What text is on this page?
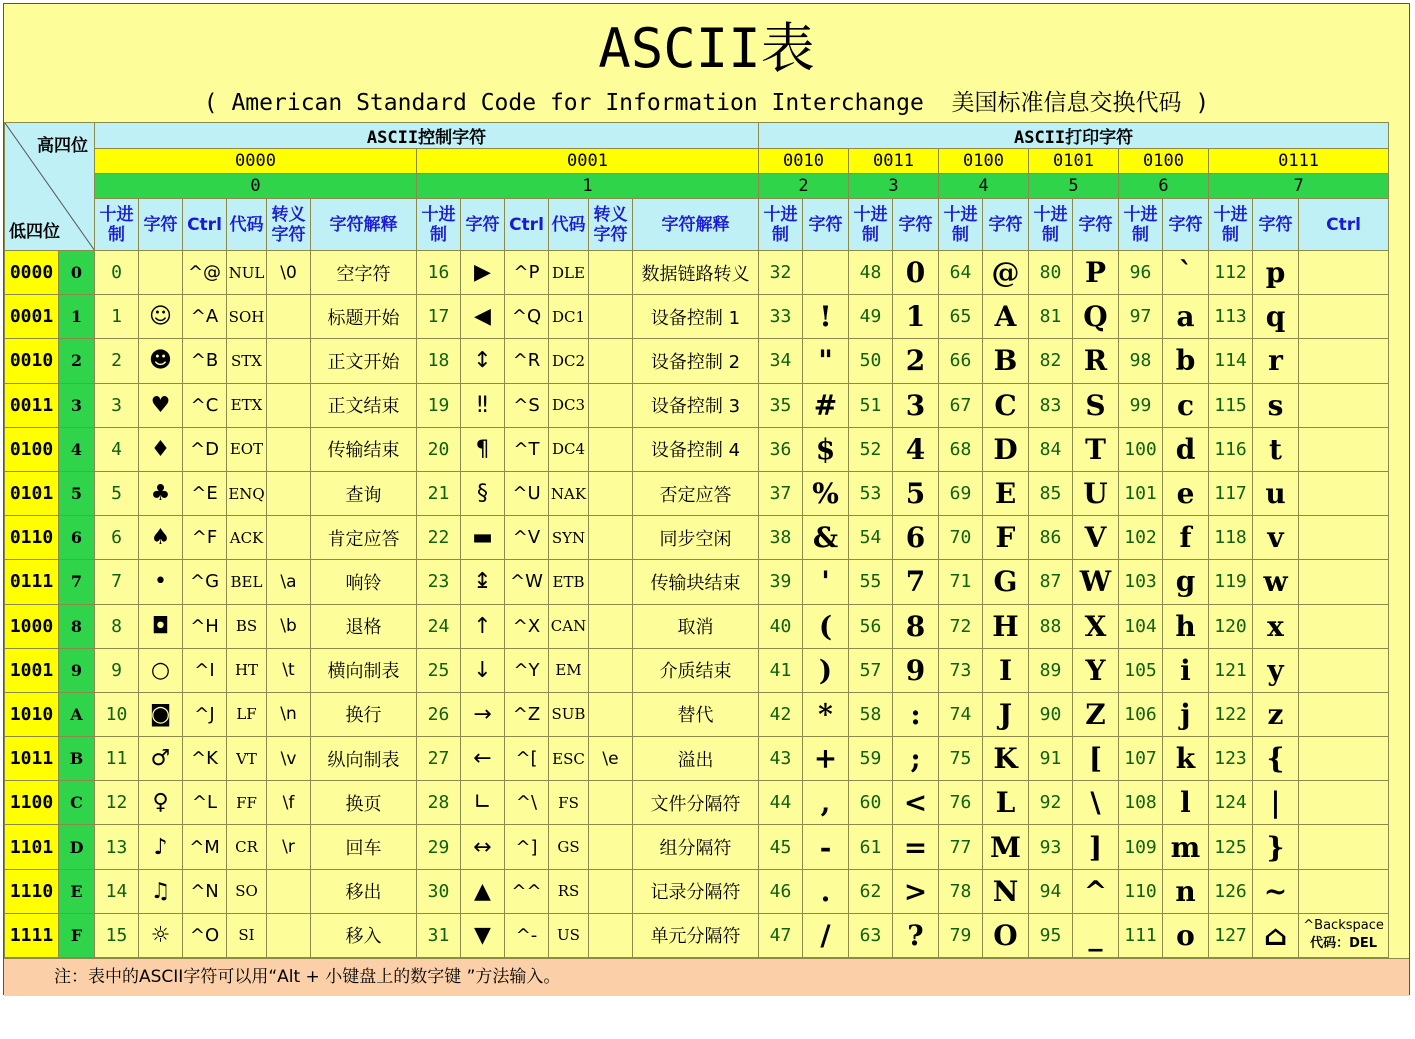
ASCII表
( American Standard Code for Information Interchange  美国标准信息交换代码 )
高四位
低四位		ASCII控制字符												ASCII打印字符												
		0000						0001						0010		0011		0100		0101		0100		0111		
		0						1						2		3		4		5		6		7		
		十进制	字符	Ctrl	代码	转义字符	字符解释	十进制	字符	Ctrl	代码	转义字符	字符解释	十进制	字符	十进制	字符	十进制	字符	十进制	字符	十进制	字符	十进制	字符	Ctrl
0000	0	0		^@	NUL	\0	空字符	16	▶	^P	DLE		数据链路转义	32		48	0	64	@	80	P	96	`	112	p	
0001	1	1	☺	^A	SOH		标题开始	17	◀	^Q	DC1		设备控制 1	33	!	49	1	65	A	81	Q	97	a	113	q	
0010	2	2	☻	^B	STX		正文开始	18	↕	^R	DC2		设备控制 2	34	"	50	2	66	B	82	R	98	b	114	r	
0011	3	3	♥	^C	ETX		正文结束	19	‼	^S	DC3		设备控制 3	35	#	51	3	67	C	83	S	99	c	115	s	
0100	4	4	♦	^D	EOT		传输结束	20	¶	^T	DC4		设备控制 4	36	$	52	4	68	D	84	T	100	d	116	t	
0101	5	5	♣	^E	ENQ		查询	21	§	^U	NAK		否定应答	37	%	53	5	69	E	85	U	101	e	117	u	
0110	6	6	♠	^F	ACK		肯定应答	22	▬	^V	SYN		同步空闲	38	&	54	6	70	F	86	V	102	f	118	v	
0111	7	7	•	^G	BEL	\a	响铃	23	↨	^W	ETB		传输块结束	39	'	55	7	71	G	87	W	103	g	119	w	
1000	8	8	◘	^H	BS	\b	退格	24	↑	^X	CAN		取消	40	(	56	8	72	H	88	X	104	h	120	x	
1001	9	9	○	^I	HT	\t	横向制表	25	↓	^Y	EM		介质结束	41	)	57	9	73	I	89	Y	105	i	121	y	
1010	A	10	◙	^J	LF	\n	换行	26	→	^Z	SUB		替代	42	*	58	:	74	J	90	Z	106	j	122	z	
1011	B	11	♂	^K	VT	\v	纵向制表	27	←	^[	ESC	\e	溢出	43	+	59	;	75	K	91	[	107	k	123	{	
1100	C	12	♀	^L	FF	\f	换页	28	∟	^\	FS		文件分隔符	44	,	60	<	76	L	92	\	108	l	124	|	
1101	D	13	♪	^M	CR	\r	回车	29	↔	^]	GS		组分隔符	45	-	61	=	77	M	93	]	109	m	125	}	
1110	E	14	♫	^N	SO		移出	30	▲	^^	RS		记录分隔符	46	.	62	>	78	N	94	^	110	n	126	~	
1111	F	15	☼	^O	SI		移入	31	▼	^-	US		单元分隔符	47	/	63	?	79	O	95	_	111	o	127	⌂	^Backspace
代码：DEL
注：表中的ASCII字符可以用“Alt + 小键盘上的数字键 ”方法输入。
